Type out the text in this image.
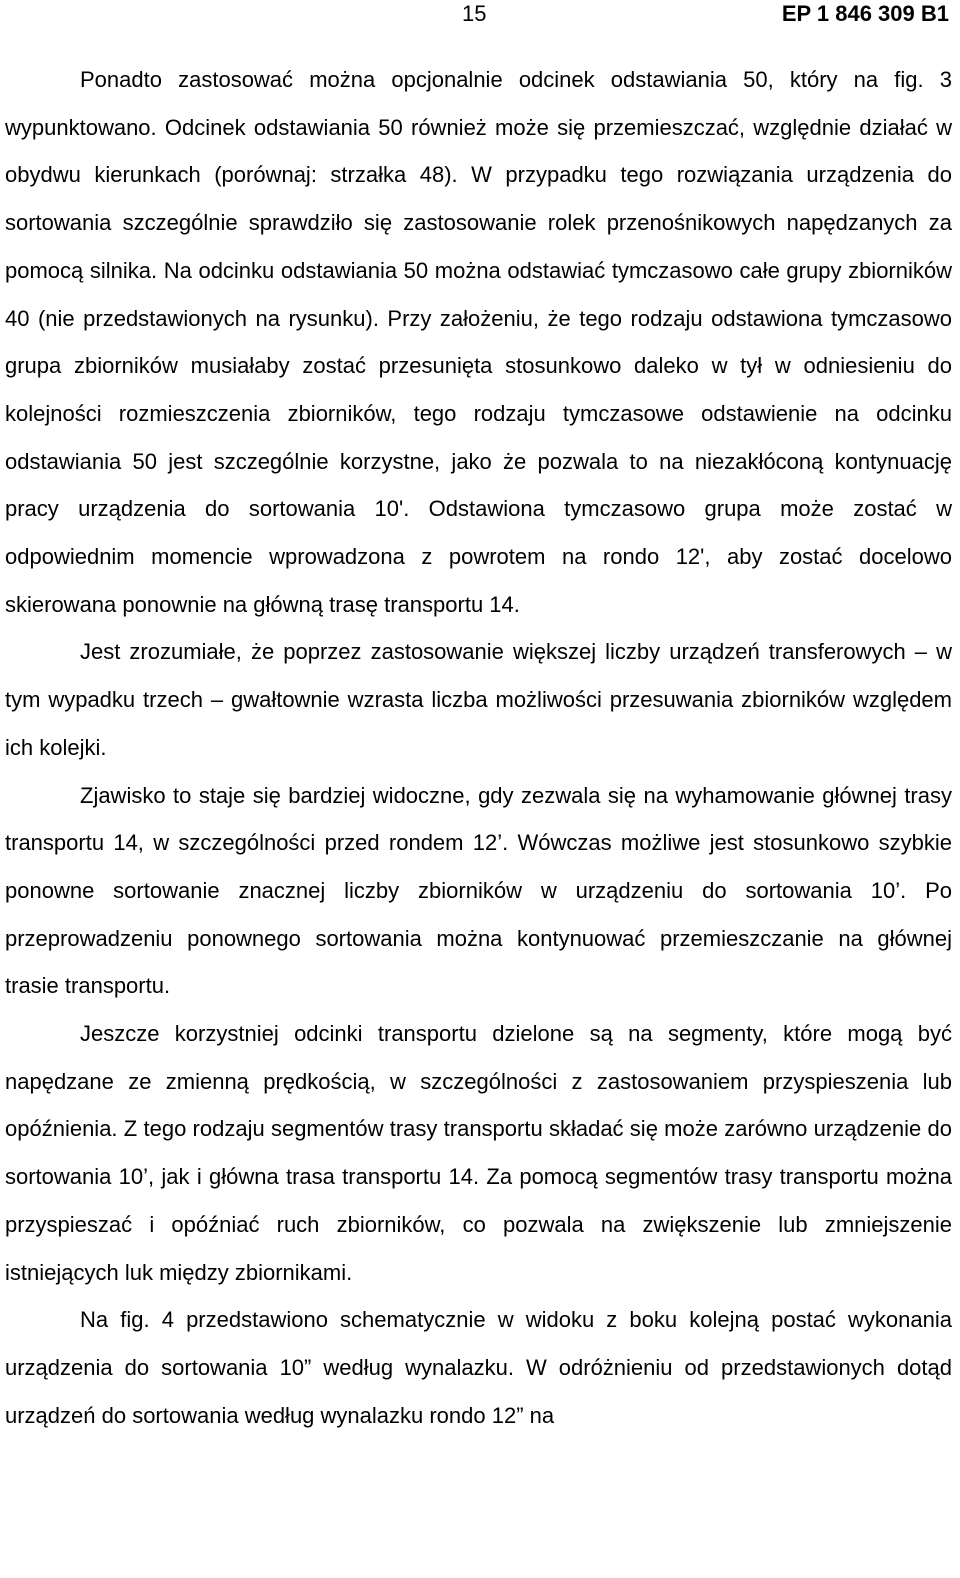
15	EP 1 846 309 B1

Ponadto zastosować można opcjonalnie odcinek odstawiania 50, który na fig. 3 wypunktowano. Odcinek odstawiania 50 również może się przemieszczać, względnie działać w obydwu kierunkach (porównaj: strzałka 48). W przypadku tego rozwiązania urządzenia do sortowania szczególnie sprawdziło się zastosowanie rolek przenośnikowych napędzanych za pomocą silnika. Na odcinku odstawiania 50 można odstawiać tymczasowo całe grupy zbiorników 40 (nie przedstawionych na rysunku). Przy założeniu, że tego rodzaju odstawiona tymczasowo grupa zbiorników musiałaby zostać przesunięta stosunkowo daleko w tył w odniesieniu do kolejności rozmieszczenia zbiorników, tego rodzaju tymczasowe odstawienie na odcinku odstawiania 50 jest szczególnie korzystne, jako że pozwala to na niezakłóconą kontynuację pracy urządzenia do sortowania 10'. Odstawiona tymczasowo grupa może zostać w odpowiednim momencie wprowadzona z powrotem na rondo 12', aby zostać docelowo skierowana ponownie na główną trasę transportu 14.

Jest zrozumiałe, że poprzez zastosowanie większej liczby urządzeń transferowych – w tym wypadku trzech – gwałtownie wzrasta liczba możliwości przesuwania zbiorników względem ich kolejki.

Zjawisko to staje się bardziej widoczne, gdy zezwala się na wyhamowanie głównej trasy transportu 14, w szczególności przed rondem 12’. Wówczas możliwe jest stosunkowo szybkie ponowne sortowanie znacznej liczby zbiorników w urządzeniu do sortowania 10’. Po przeprowadzeniu ponownego sortowania można kontynuować przemieszczanie na głównej trasie transportu.

Jeszcze korzystniej odcinki transportu dzielone są na segmenty, które mogą być napędzane ze zmienną prędkością, w szczególności z zastosowaniem przyspieszenia lub opóźnienia. Z tego rodzaju segmentów trasy transportu składać się może zarówno urządzenie do sortowania 10’, jak i główna trasa transportu 14. Za pomocą segmentów trasy transportu można przyspieszać i opóźniać ruch zbiorników, co pozwala na zwiększenie lub zmniejszenie istniejących luk między zbiornikami.

Na fig. 4 przedstawiono schematycznie w widoku z boku kolejną postać wykonania urządzenia do sortowania 10” według wynalazku. W odróżnieniu od przedstawionych dotąd urządzeń do sortowania według wynalazku rondo 12” na
